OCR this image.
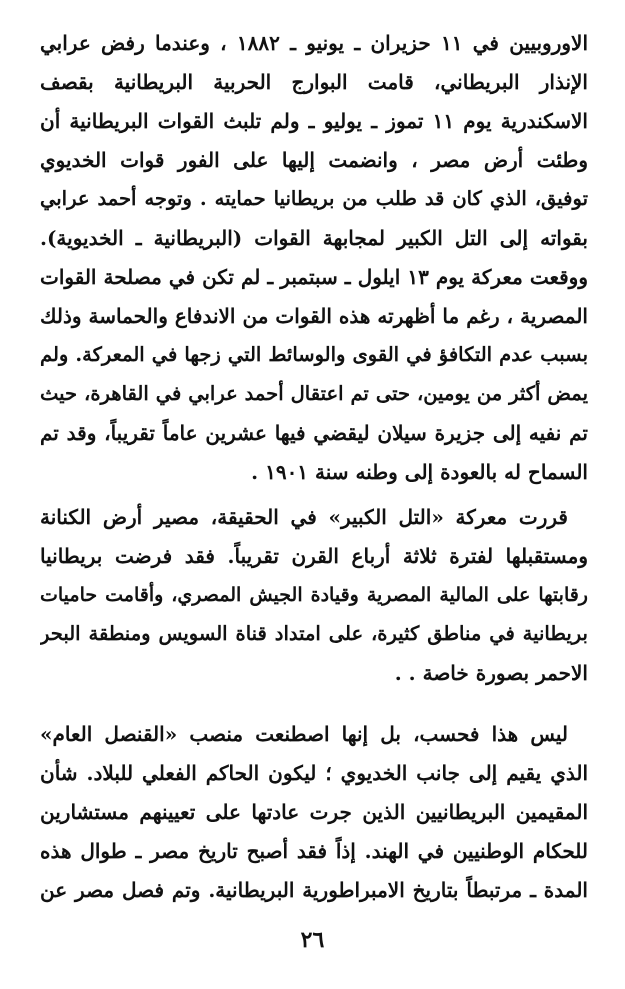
الاوروبيين في ١١ حزيران ـ يونيو ـ ١٨٨٢ ، وعندما رفض عرابي
الإنذار البريطاني، قامت البوارج الحربية البريطانية بقصف
الاسكندرية يوم ١١ تموز ـ يوليو ـ ولم تلبث القوات البريطانية أن
وطئت أرض مصر ، وانضمت إليها على الفور قوات الخديوي
توفيق، الذي كان قد طلب من بريطانيا حمايته . وتوجه أحمد عرابي
بقواته إلى التل الكبير لمجابهة القوات (البريطانية ـ الخديوية).
ووقعت معركة يوم ١٣ ايلول ـ سبتمبر ـ لم تكن في مصلحة القوات
المصرية ، رغم ما أظهرته هذه القوات من الاندفاع والحماسة وذلك
بسبب عدم التكافؤ في القوى والوسائط التي زجها في المعركة. ولم
يمض أكثر من يومين، حتى تم اعتقال أحمد عرابي في القاهرة، حيث
تم نفيه إلى جزيرة سيلان ليقضي فيها عشرين عاماً تقريباً، وقد تم
السماح له بالعودة إلى وطنه سنة ١٩٠١ .
قررت معركة «التل الكبير» في الحقيقة، مصير أرض الكنانة
ومستقبلها لفترة ثلاثة أرباع القرن تقريباً. فقد فرضت بريطانيا
رقابتها على المالية المصرية وقيادة الجيش المصري، وأقامت حاميات
بريطانية في مناطق كثيرة، على امتداد قناة السويس ومنطقة البحر
الاحمر بصورة خاصة . .
ليس هذا فحسب، بل إنها اصطنعت منصب «القنصل العام»
الذي يقيم إلى جانب الخديوي ؛ ليكون الحاكم الفعلي للبلاد. شأن
المقيمين البريطانيين الذين جرت عادتها على تعيينهم مستشارين
للحكام الوطنيين في الهند. إذاً فقد أصبح تاريخ مصر ـ طوال هذه
المدة ـ مرتبطاً بتاريخ الامبراطورية البريطانية. وتم فصل مصر عن
٢٦
